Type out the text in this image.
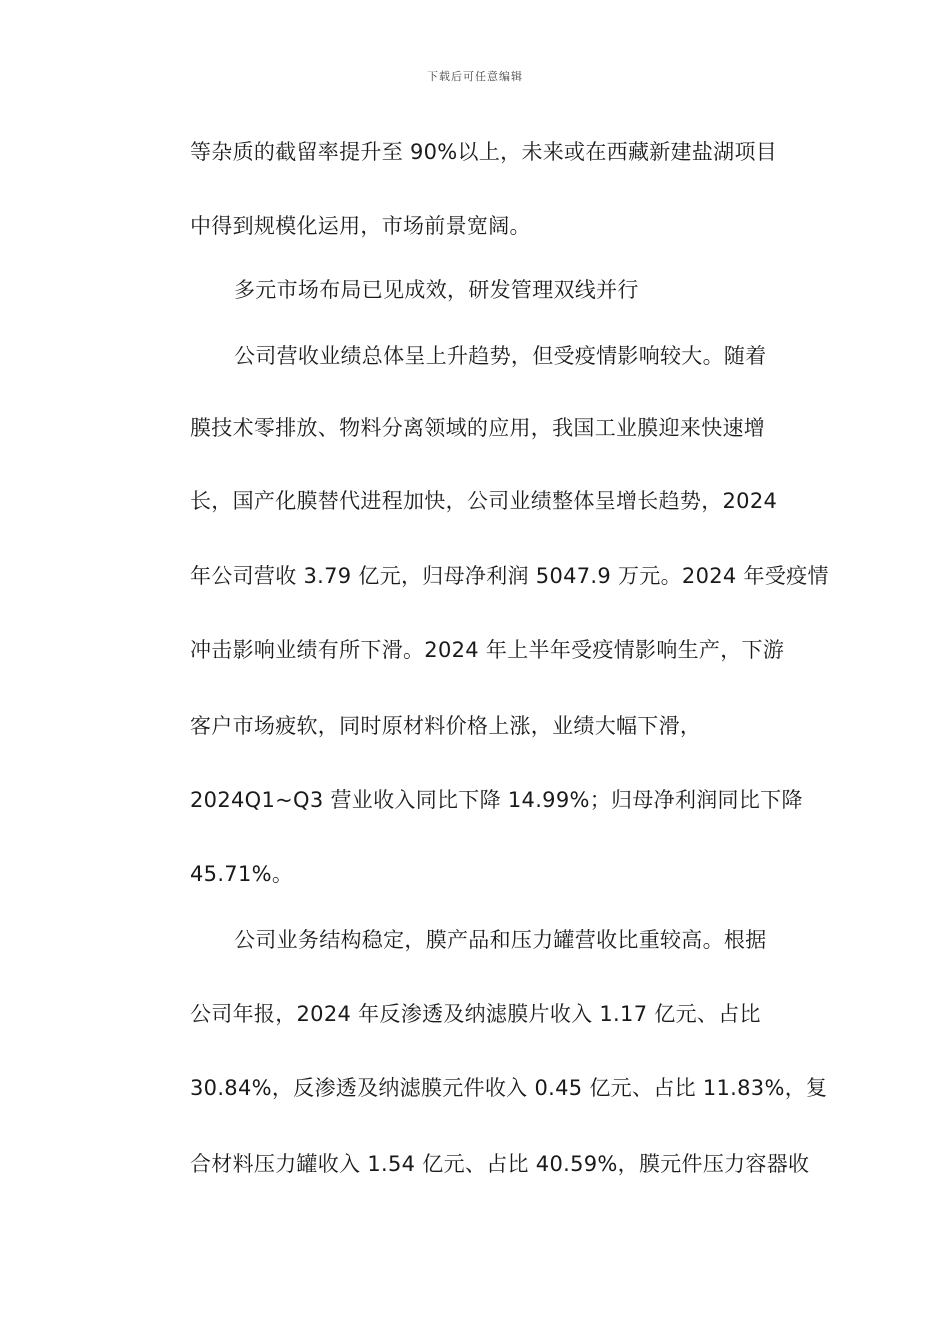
下载后可任意编辑
等杂质的截留率提升至 90%以上，未来或在西藏新建盐湖项目
中得到规模化运用，市场前景宽阔。
多元市场布局已见成效，研发管理双线并行
公司营收业绩总体呈上升趋势，但受疫情影响较大。随着
膜技术零排放、物料分离领域的应用，我国工业膜迎来快速增
长，国产化膜替代进程加快，公司业绩整体呈增长趋势，2024
年公司营收 3.79 亿元，归母净利润 5047.9 万元。2024 年受疫情
冲击影响业绩有所下滑。2024 年上半年受疫情影响生产，下游
客户市场疲软，同时原材料价格上涨，业绩大幅下滑，
2024Q1~Q3 营业收入同比下降 14.99%；归母净利润同比下降
45.71%。
公司业务结构稳定，膜产品和压力罐营收比重较高。根据
公司年报，2024 年反渗透及纳滤膜片收入 1.17 亿元、占比
30.84%，反渗透及纳滤膜元件收入 0.45 亿元、占比 11.83%，复
合材料压力罐收入 1.54 亿元、占比 40.59%，膜元件压力容器收
